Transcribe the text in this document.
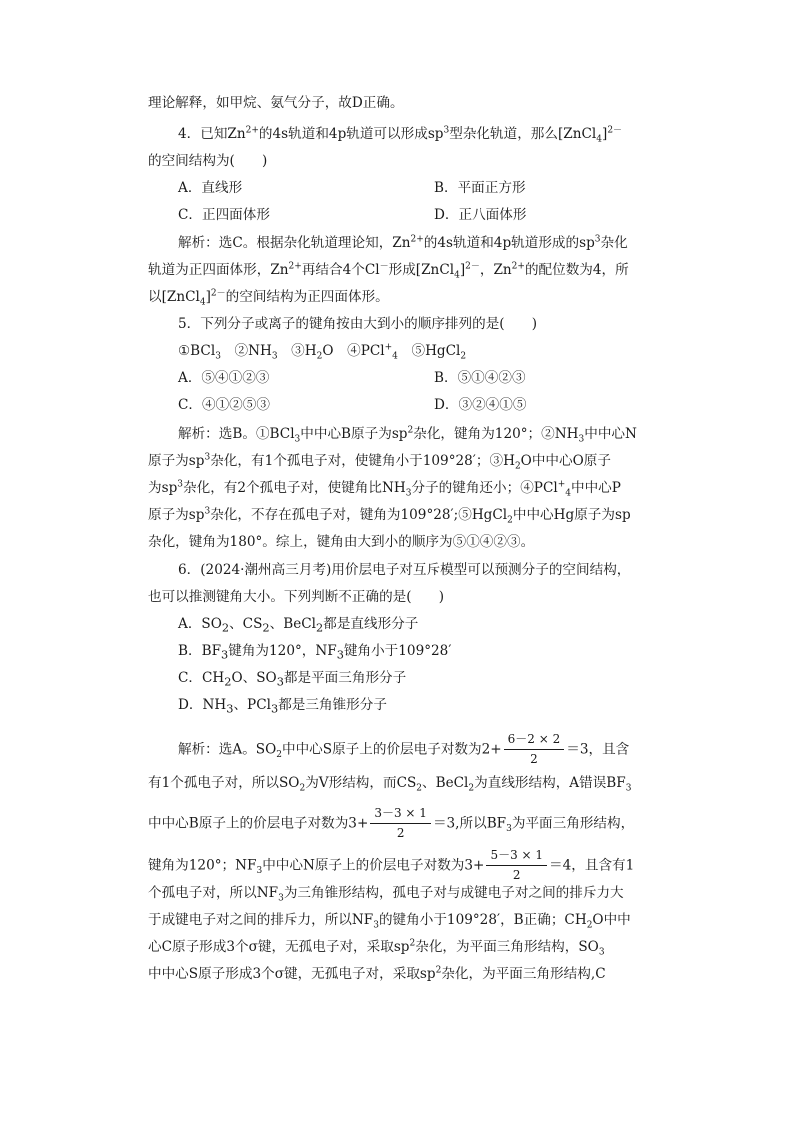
理论解释，如甲烷、氨气分子，故D正确。
4．已知$Zn^{2+}$的4s轨道和4p轨道可以形成$sp^3$型杂化轨道，那么[ZnCl$_4$]$^{2-}$
的空间结构为(　　)
A．直线形	B．平面正方形
C．正四面体形	D．正八面体形
解析：选C。根据杂化轨道理论知，$Zn^{2+}$的4s轨道和4p轨道形成的$sp^3$杂化
轨道为正四面体形，$Zn^{2+}$再结合4个Cl－形成[ZnCl$_4$]$^{2-}$，$Zn^{2+}$的配位数为4，所
以[ZnCl$_4$]$^{2-}$的空间结构为正四面体形。
5．下列分子或离子的键角按由大到小的顺序排列的是(　　)
①BCl$_3$　$②NH_3$　$③H_2O$　④PCl+$_4$　⑤HgCl$_2$
A．⑤④①②③	B．⑤①④②③
C．④①②⑤③	D．③②④①⑤
解析：选B。①BCl$_3$中中心B原子为$sp^2$杂化，键角为120°；$②NH_3$中中心N
原子为$sp^3$杂化，有1个孤电子对，使键角小于109°28′；$③H_2O$中中心O原子
为$sp^3$杂化，有2个孤电子对，使键角比$NH_3$分子的键角还小；④PCl+$_4$中中心P
原子为$sp^3$杂化，不存在孤电子对，键角为109°28′;⑤HgCl$_2$中中心Hg原子为sp
杂化，键角为180°。综上，键角由大到小的顺序为⑤①④②③。
6．(2024·潮州高三月考)用价层电子对互斥模型可以预测分子的空间结构，
也可以推测键角大小。下列判断不正确的是(　　)
A．$SO_2$、$CS_2$、BeCl$_2$都是直线形分子
B．$BF_3$键角为120°，$NF_3$键角小于109°28′
C．$CH_2O$、$SO_3$都是平面三角形分子
D．$NH_3$、PCl$_3$都是三角锥形分子
解析：选A。$SO_2$中中心S原子上的价层电子对数为$2+ \frac{6-2 \times 2}{2} =3$，且含
有1个孤电子对，所以$SO_2$为V形结构，而$CS_2$、BeCl$_2$为直线形结构，A错误$BF_3$
中中心B原子上的价层电子对数为$3+ \frac{3-3 \times 1}{2} =3$,所以$BF_3$为平面三角形结构，
键角为120°；$NF_3$中中心N原子上的价层电子对数为$3+ \frac{5-3 \times 1}{2} =4$，且含有1
个孤电子对，所以$NF_3$为三角锥形结构，孤电子对与成键电子对之间的排斥力大
于成键电子对之间的排斥力，所以$NF_3$的键角小于109°28′，B正确；$CH_2O$中中
心C原子形成3个σ键，无孤电子对，采取$sp^2$杂化，为平面三角形结构，$SO_3$
中中心S原子形成3个σ键，无孤电子对，采取$sp^2$杂化，为平面三角形结构,C
